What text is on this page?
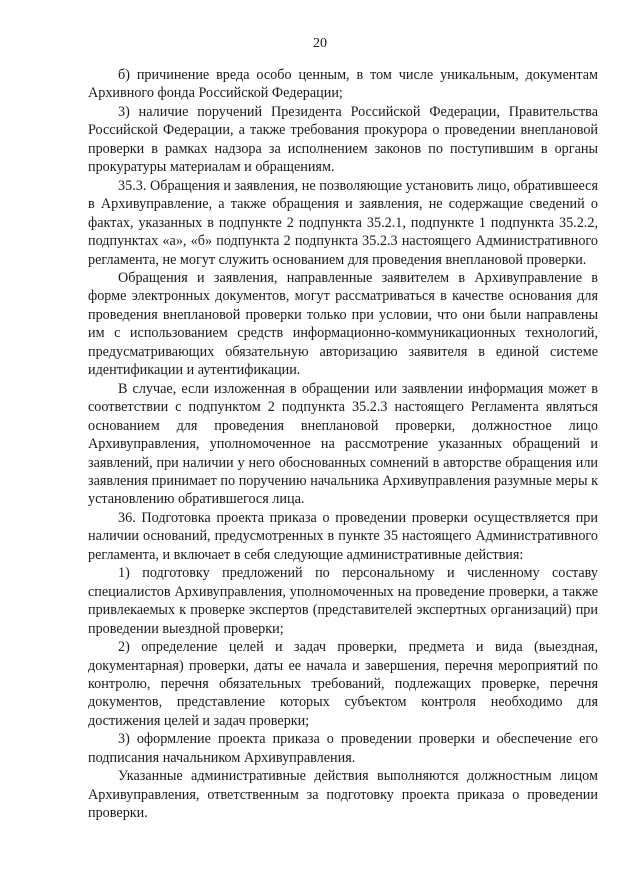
20

б) причинение вреда особо ценным, в том числе уникальным, документам Архивного фонда Российской Федерации;

3) наличие поручений Президента Российской Федерации, Правительства Российской Федерации, а также требования прокурора о проведении внеплановой проверки в рамках надзора за исполнением законов по поступившим в органы прокуратуры материалам и обращениям.

35.3. Обращения и заявления, не позволяющие установить лицо, обратившееся в Архивуправление, а также обращения и заявления, не содержащие сведений о фактах, указанных в подпункте 2 подпункта 35.2.1, подпункте 1 подпункта 35.2.2, подпунктах «а», «б» подпункта 2 подпункта 35.2.3 настоящего Административного регламента, не могут служить основанием для проведения внеплановой проверки.

Обращения и заявления, направленные заявителем в Архивуправление в форме электронных документов, могут рассматриваться в качестве основания для проведения внеплановой проверки только при условии, что они были направлены им с использованием средств информационно-коммуникационных технологий, предусматривающих обязательную авторизацию заявителя в единой системе идентификации и аутентификации.

В случае, если изложенная в обращении или заявлении информация может в соответствии с подпунктом 2 подпункта 35.2.3 настоящего Регламента являться основанием для проведения внеплановой проверки, должностное лицо Архивуправления, уполномоченное на рассмотрение указанных обращений и заявлений, при наличии у него обоснованных сомнений в авторстве обращения или заявления принимает по поручению начальника Архивуправления разумные меры к установлению обратившегося лица.

36. Подготовка проекта приказа о проведении проверки осуществляется при наличии оснований, предусмотренных в пункте 35 настоящего Административного регламента, и включает в себя следующие административные действия:

1) подготовку предложений по персональному и численному составу специалистов Архивуправления, уполномоченных на проведение проверки, а также привлекаемых к проверке экспертов (представителей экспертных организаций) при проведении выездной проверки;

2) определение целей и задач проверки, предмета и вида (выездная, документарная) проверки, даты ее начала и завершения, перечня мероприятий по контролю, перечня обязательных требований, подлежащих проверке, перечня документов, представление которых субъектом контроля необходимо для достижения целей и задач проверки;

3) оформление проекта приказа о проведении проверки и обеспечение его подписания начальником Архивуправления.

Указанные административные действия выполняются должностным лицом Архивуправления, ответственным за подготовку проекта приказа о проведении проверки.
